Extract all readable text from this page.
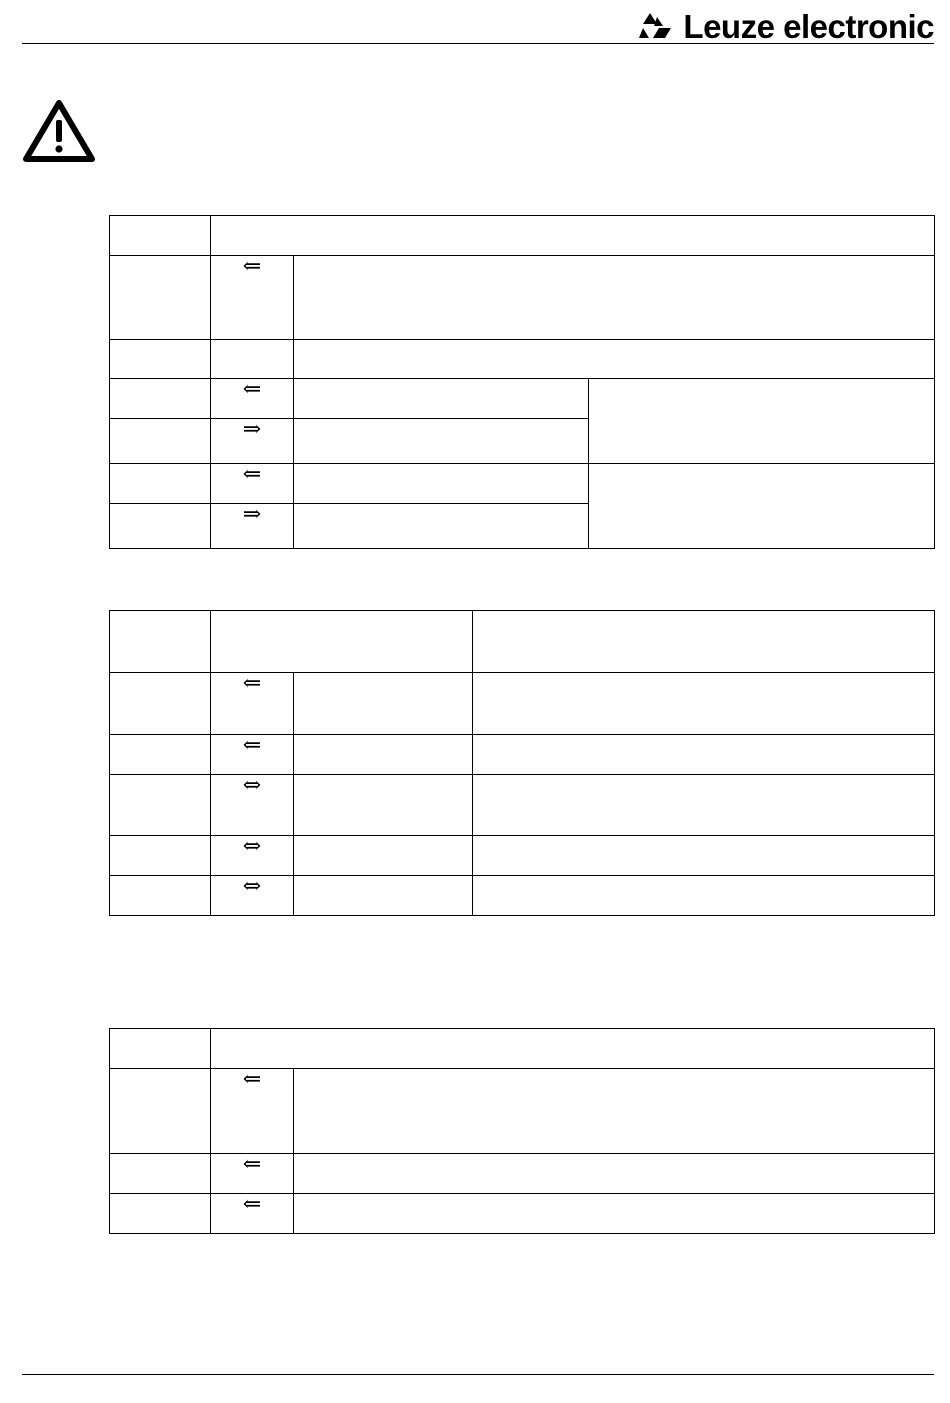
Leuze electronic

	⇐		

	⇐		
	⇒		
	⇐		
	⇒		

	⇐		
	⇐		
	⇔		
	⇔		
	⇔		

	⇐	
	⇐	
	⇐	
